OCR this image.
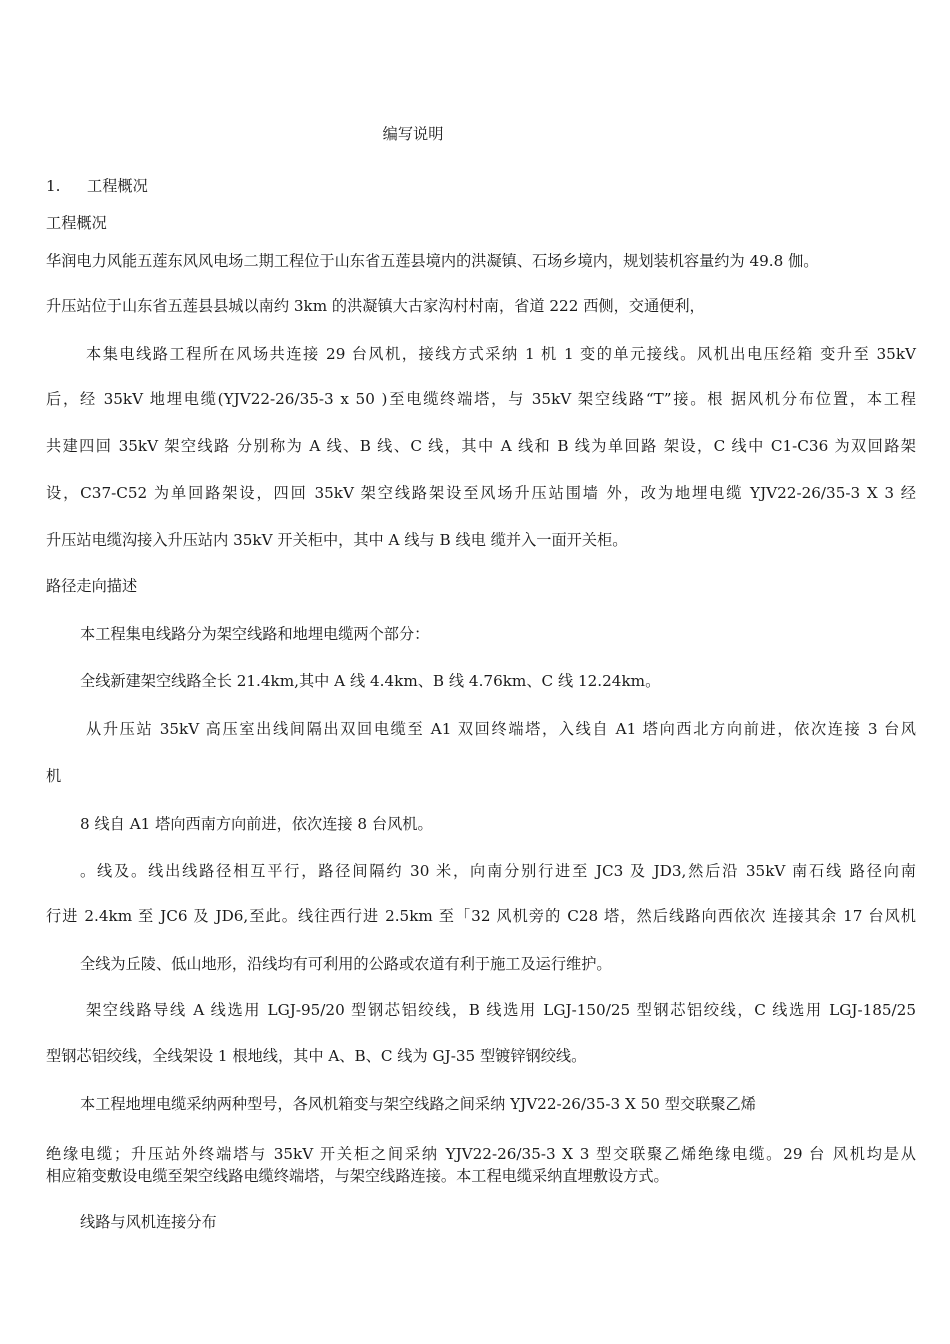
编写说明
1. 工程概况
工程概况
华润电力风能五莲东风风电场二期工程位于山东省五莲县境内的洪凝镇、石场乡境内，规划装机容量约为 49.8 伽。
升压站位于山东省五莲县县城以南约 3km 的洪凝镇大古家沟村村南，省道 222 西侧，交通便利，
本集电线路工程所在风场共连接 29 台风机，接线方式采纳 1 机 1 变的单元接线。风机出电压经箱 变升至 35kV
后，经 35kV 地埋电缆(YJV22-26/35-3 x 50 )至电缆终端塔，与 35kV 架空线路“T”接。根 据风机分布位置，本工程
共建四回 35kV 架空线路 分别称为 A 线、B 线、C 线，其中 A 线和 B 线为单回路 架设，C 线中 C1-C36 为双回路架
设，C37-C52 为单回路架设，四回 35kV 架空线路架设至风场升压站围墙 外，改为地埋电缆 YJV22-26/35-3 X 3 经
升压站电缆沟接入升压站内 35kV 开关柜中，其中 A 线与 B 线电 缆并入一面开关柜。
路径走向描述
本工程集电线路分为架空线路和地埋电缆两个部分：
全线新建架空线路全长 21.4km,其中 A 线 4.4km、B 线 4.76km、C 线 12.24km。
从升压站 35kV 高压室出线间隔出双回电缆至 A1 双回终端塔，入线自 A1 塔向西北方向前进，依次连接 3 台风
机
8 线自 A1 塔向西南方向前进，依次连接 8 台风机。
。线及。线出线路径相互平行，路径间隔约 30 米，向南分别行进至 JC3 及 JD3,然后沿 35kV 南石线 路径向南
行进 2.4km 至 JC6 及 JD6,至此。线往西行进 2.5km 至「32 风机旁的 C28 塔，然后线路向西依次 连接其余 17 台风机
全线为丘陵、低山地形，沿线均有可利用的公路或农道有利于施工及运行维护。
架空线路导线 A 线选用 LGJ-95/20 型钢芯铝绞线，B 线选用 LGJ-150/25 型钢芯铝绞线，C 线选用 LGJ-185/25
型钢芯铝绞线，全线架设 1 根地线，其中 A、B、C 线为 GJ-35 型镀锌钢绞线。
本工程地埋电缆采纳两种型号，各风机箱变与架空线路之间采纳 YJV22-26/35-3 X 50 型交联聚乙烯
绝缘电缆；升压站外终端塔与 35kV 开关柜之间采纳 YJV22-26/35-3 X 3 型交联聚乙烯绝缘电缆。29 台 风机均是从
相应箱变敷设电缆至架空线路电缆终端塔，与架空线路连接。本工程电缆采纳直埋敷设方式。
线路与风机连接分布
